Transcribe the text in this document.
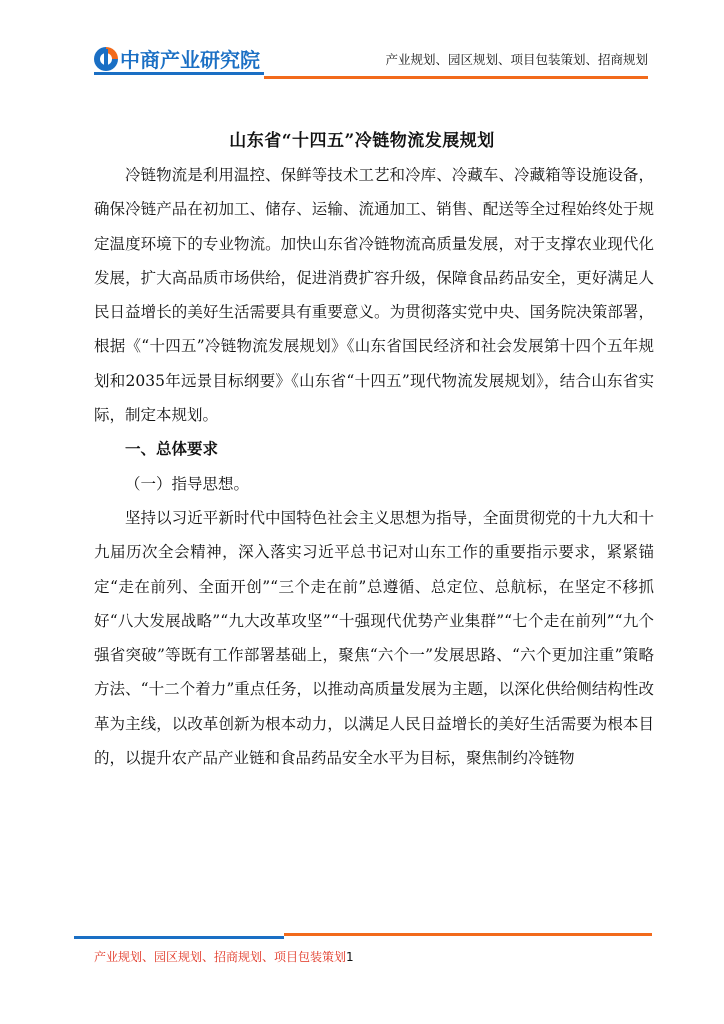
中商产业研究院	产业规划、园区规划、项目包装策划、招商规划
山东省“十四五”冷链物流发展规划

冷链物流是利用温控、保鲜等技术工艺和冷库、冷藏车、冷藏箱等设施设备，确保冷链产品在初加工、储存、运输、流通加工、销售、配送等全过程始终处于规定温度环境下的专业物流。加快山东省冷链物流高质量发展，对于支撑农业现代化发展，扩大高品质市场供给，促进消费扩容升级，保障食品药品安全，更好满足人民日益增长的美好生活需要具有重要意义。为贯彻落实党中央、国务院决策部署，根据《“十四五”冷链物流发展规划》《山东省国民经济和社会发展第十四个五年规划和2035年远景目标纲要》《山东省“十四五”现代物流发展规划》，结合山东省实际，制定本规划。

一、总体要求
（一）指导思想。

坚持以习近平新时代中国特色社会主义思想为指导，全面贯彻党的十九大和十九届历次全会精神，深入落实习近平总书记对山东工作的重要指示要求，紧紧锚定“走在前列、全面开创”“三个走在前”总遵循、总定位、总航标，在坚定不移抓好“八大发展战略”“九大改革攻坚”“十强现代优势产业集群”“七个走在前列”“九个强省突破”等既有工作部署基础上，聚焦“六个一”发展思路、“六个更加注重”策略方法、“十二个着力”重点任务，以推动高质量发展为主题，以深化供给侧结构性改革为主线，以改革创新为根本动力，以满足人民日益增长的美好生活需要为根本目的，以提升农产品产业链和食品药品安全水平为目标，聚焦制约冷链物

产业规划、园区规划、招商规划、项目包装策划1
